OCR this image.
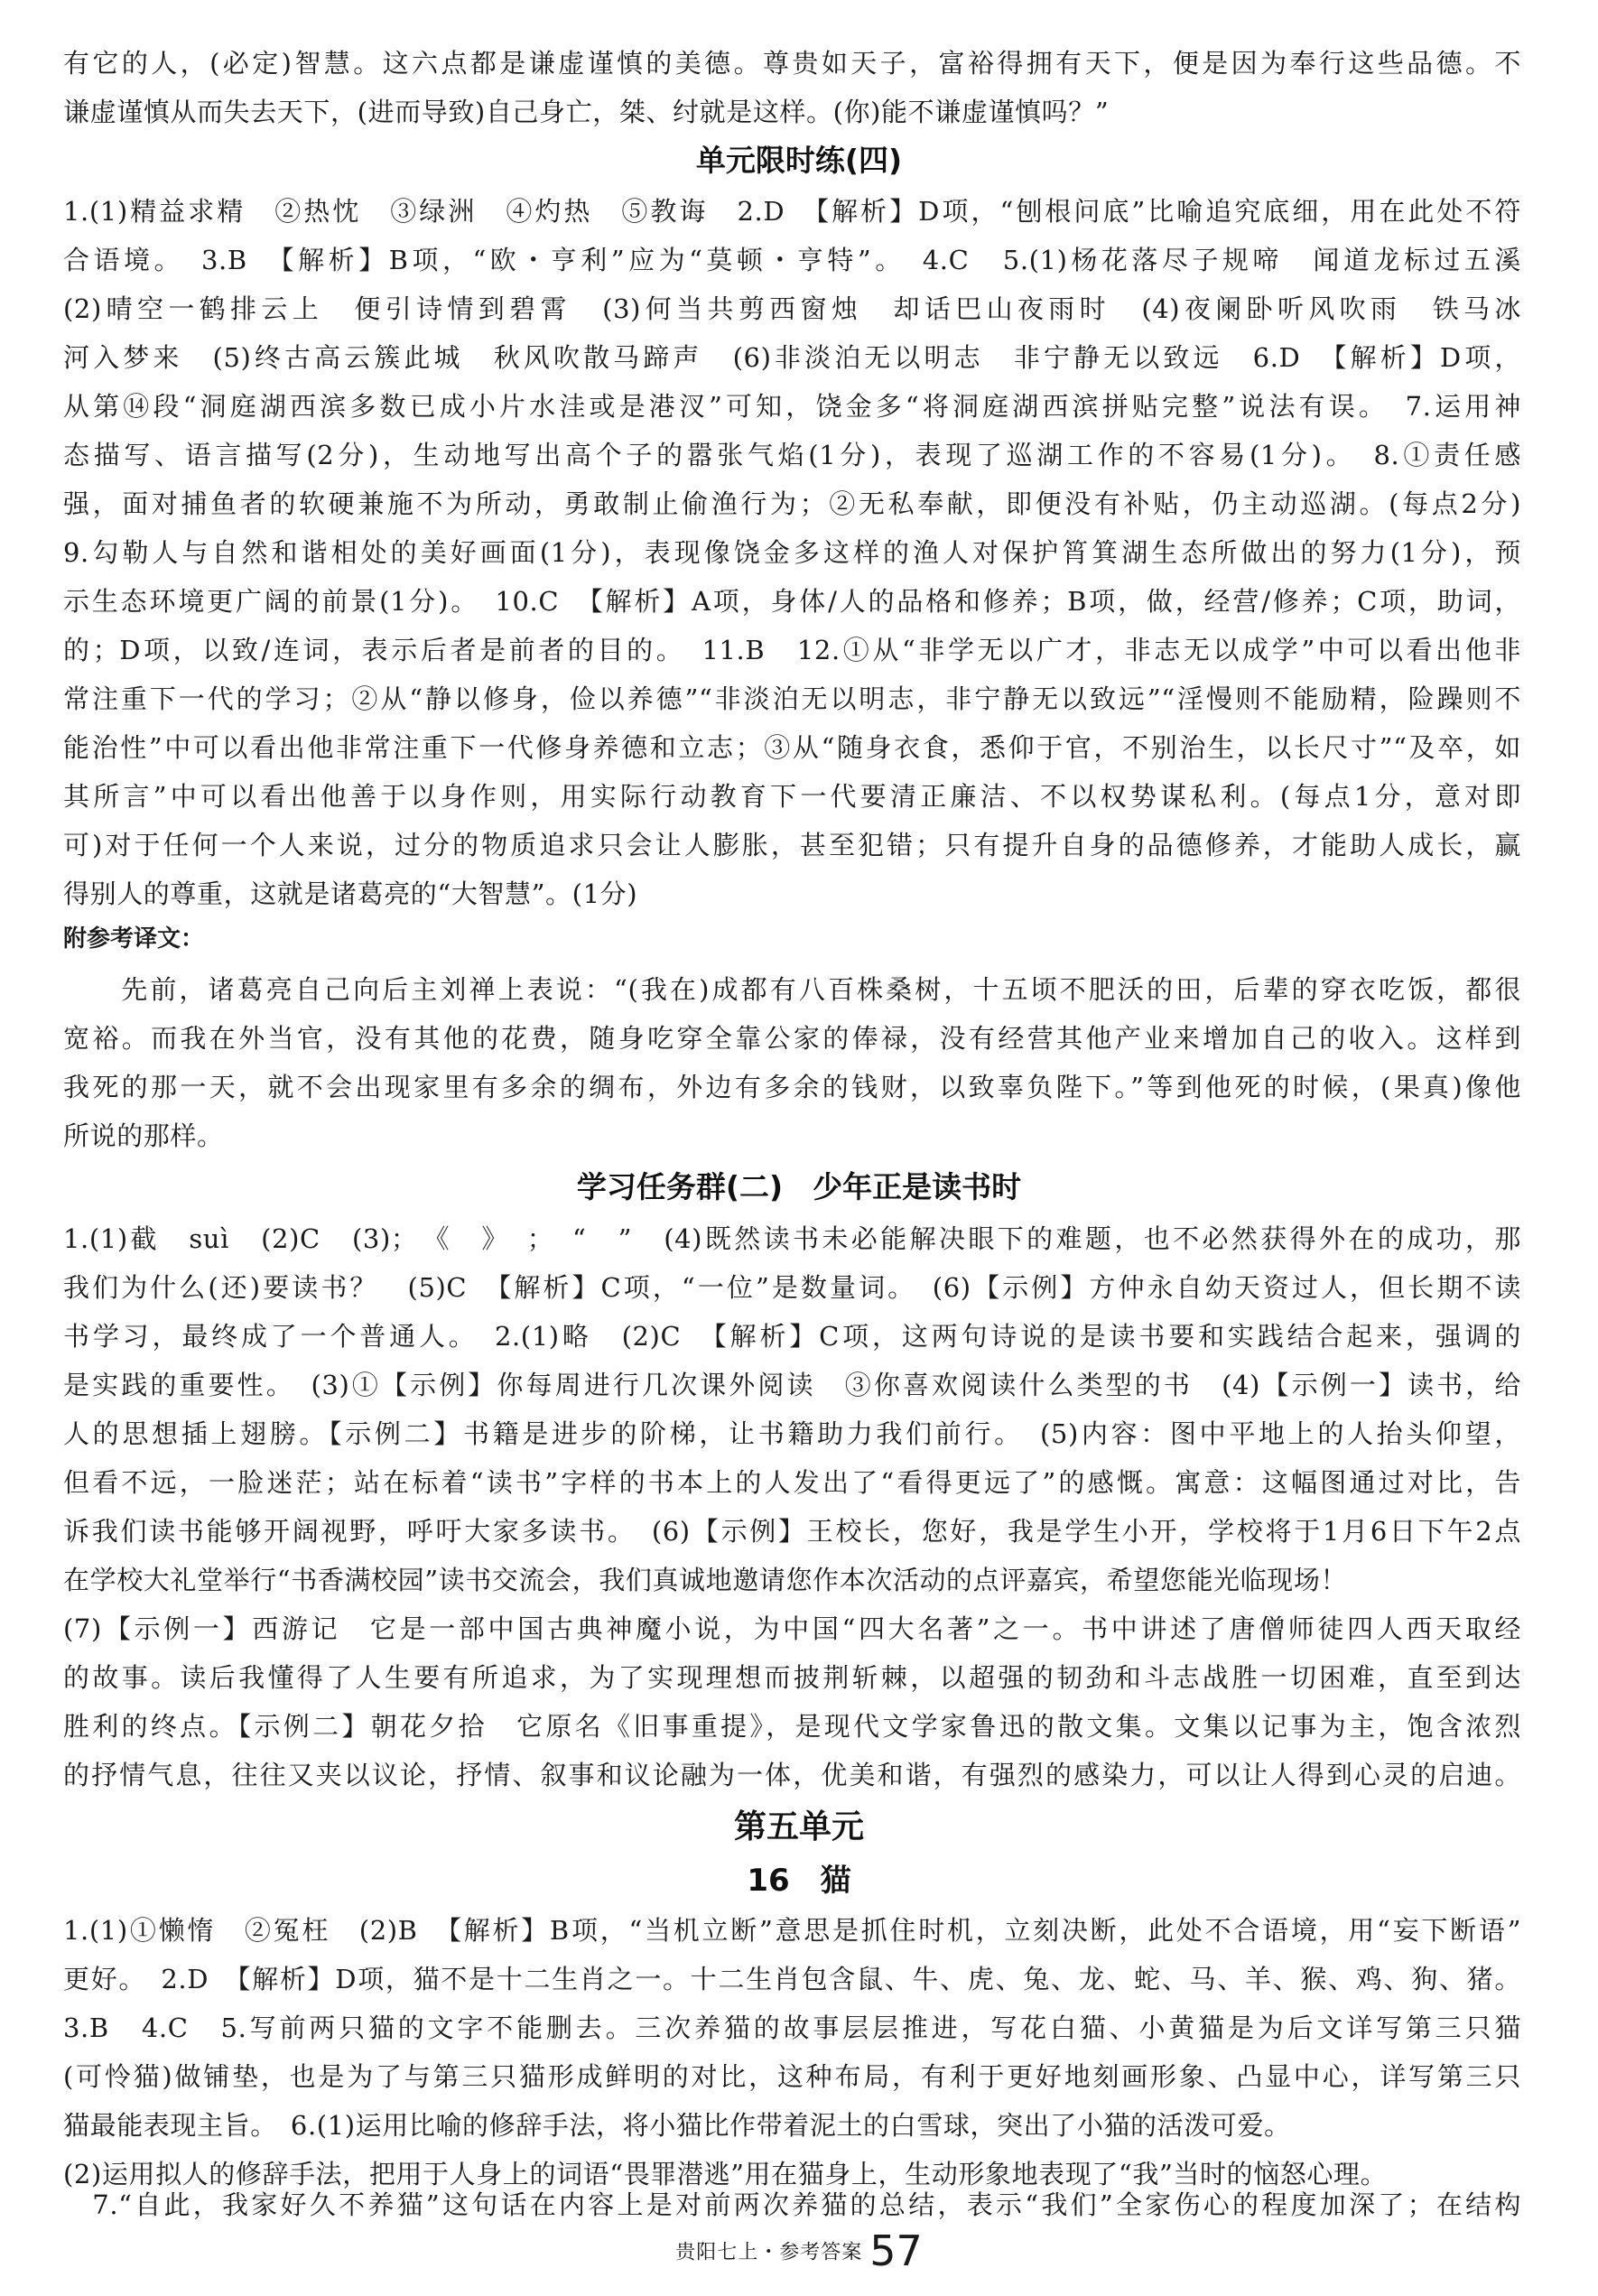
有它的人，(必定)智慧。这六点都是谦虚谨慎的美德。尊贵如天子，富裕得拥有天下，便是因为奉行这些品德。不
谦虚谨慎从而失去天下，(进而导致)自己身亡，桀、纣就是这样。(你)能不谦虚谨慎吗？”
单元限时练(四)
1.(1)精益求精　②热忱　③绿洲　④灼热　⑤教诲　2.D　【解析】D项，“刨根问底”比喻追究底细，用在此处不符
合语境。　3.B　【解析】B项，“欧・亨利”应为“莫顿・亨特”。　4.C　5.(1)杨花落尽子规啼　闻道龙标过五溪
(2)晴空一鹤排云上　便引诗情到碧霄　(3)何当共剪西窗烛　却话巴山夜雨时　(4)夜阑卧听风吹雨　铁马冰
河入梦来　(5)终古高云簇此城　秋风吹散马蹄声　(6)非淡泊无以明志　非宁静无以致远　6.D　【解析】D项，
从第⑭段“洞庭湖西滨多数已成小片水洼或是港汊”可知，饶金多“将洞庭湖西滨拼贴完整”说法有误。　7.运用神
态描写、语言描写(2分)，生动地写出高个子的嚣张气焰(1分)，表现了巡湖工作的不容易(1分)。　8.①责任感
强，面对捕鱼者的软硬兼施不为所动，勇敢制止偷渔行为；②无私奉献，即便没有补贴，仍主动巡湖。(每点2分)
9.勾勒人与自然和谐相处的美好画面(1分)，表现像饶金多这样的渔人对保护筲箕湖生态所做出的努力(1分)，预
示生态环境更广阔的前景(1分)。　10.C　【解析】A项，身体/人的品格和修养；B项，做，经营/修养；C项，助词，
的；D项，以致/连词，表示后者是前者的目的。　11.B　12.①从“非学无以广才，非志无以成学”中可以看出他非
常注重下一代的学习；②从“静以修身，俭以养德”“非淡泊无以明志，非宁静无以致远”“淫慢则不能励精，险躁则不
能治性”中可以看出他非常注重下一代修身养德和立志；③从“随身衣食，悉仰于官，不别治生，以长尺寸”“及卒，如
其所言”中可以看出他善于以身作则，用实际行动教育下一代要清正廉洁、不以权势谋私利。(每点1分，意对即
可)对于任何一个人来说，过分的物质追求只会让人膨胀，甚至犯错；只有提升自身的品德修养，才能助人成长，赢
得别人的尊重，这就是诸葛亮的“大智慧”。(1分)
附参考译文：
　　先前，诸葛亮自己向后主刘禅上表说：“(我在)成都有八百株桑树，十五顷不肥沃的田，后辈的穿衣吃饭，都很
宽裕。而我在外当官，没有其他的花费，随身吃穿全靠公家的俸禄，没有经营其他产业来增加自己的收入。这样到
我死的那一天，就不会出现家里有多余的绸布，外边有多余的钱财，以致辜负陛下。”等到他死的时候，(果真)像他
所说的那样。
学习任务群(二)　少年正是读书时
1.(1)截　suì　(2)C　(3)；　《　》　；　“　”　(4)既然读书未必能解决眼下的难题，也不必然获得外在的成功，那
我们为什么(还)要读书？　(5)C　【解析】C项，“一位”是数量词。　(6)【示例】方仲永自幼天资过人，但长期不读
书学习，最终成了一个普通人。　2.(1)略　(2)C　【解析】C项，这两句诗说的是读书要和实践结合起来，强调的
是实践的重要性。　(3)①【示例】你每周进行几次课外阅读　③你喜欢阅读什么类型的书　(4)【示例一】读书，给
人的思想插上翅膀。【示例二】书籍是进步的阶梯，让书籍助力我们前行。　(5)内容：图中平地上的人抬头仰望，
但看不远，一脸迷茫；站在标着“读书”字样的书本上的人发出了“看得更远了”的感慨。寓意：这幅图通过对比，告
诉我们读书能够开阔视野，呼吁大家多读书。　(6)【示例】王校长，您好，我是学生小开，学校将于1月6日下午2点
在学校大礼堂举行“书香满校园”读书交流会，我们真诚地邀请您作本次活动的点评嘉宾，希望您能光临现场！
(7)【示例一】西游记　它是一部中国古典神魔小说，为中国“四大名著”之一。书中讲述了唐僧师徒四人西天取经
的故事。读后我懂得了人生要有所追求，为了实现理想而披荆斩棘，以超强的韧劲和斗志战胜一切困难，直至到达
胜利的终点。【示例二】朝花夕拾　它原名《旧事重提》，是现代文学家鲁迅的散文集。文集以记事为主，饱含浓烈
的抒情气息，往往又夹以议论，抒情、叙事和议论融为一体，优美和谐，有强烈的感染力，可以让人得到心灵的启迪。
第五单元
16　猫
1.(1)①懒惰　②冤枉　(2)B　【解析】B项，“当机立断”意思是抓住时机，立刻决断，此处不合语境，用“妄下断语”
更好。　2.D　【解析】D项，猫不是十二生肖之一。十二生肖包含鼠、牛、虎、兔、龙、蛇、马、羊、猴、鸡、狗、猪。
3.B　4.C　5.写前两只猫的文字不能删去。三次养猫的故事层层推进，写花白猫、小黄猫是为后文详写第三只猫
(可怜猫)做铺垫，也是为了与第三只猫形成鲜明的对比，这种布局，有利于更好地刻画形象、凸显中心，详写第三只
猫最能表现主旨。　6.(1)运用比喻的修辞手法，将小猫比作带着泥土的白雪球，突出了小猫的活泼可爱。
(2)运用拟人的修辞手法，把用于人身上的词语“畏罪潜逃”用在猫身上，生动形象地表现了“我”当时的恼怒心理。
　7.“自此，我家好久不养猫”这句话在内容上是对前两次养猫的总结，表示“我们”全家伤心的程度加深了；在结构
贵阳七上・参考答案 57
